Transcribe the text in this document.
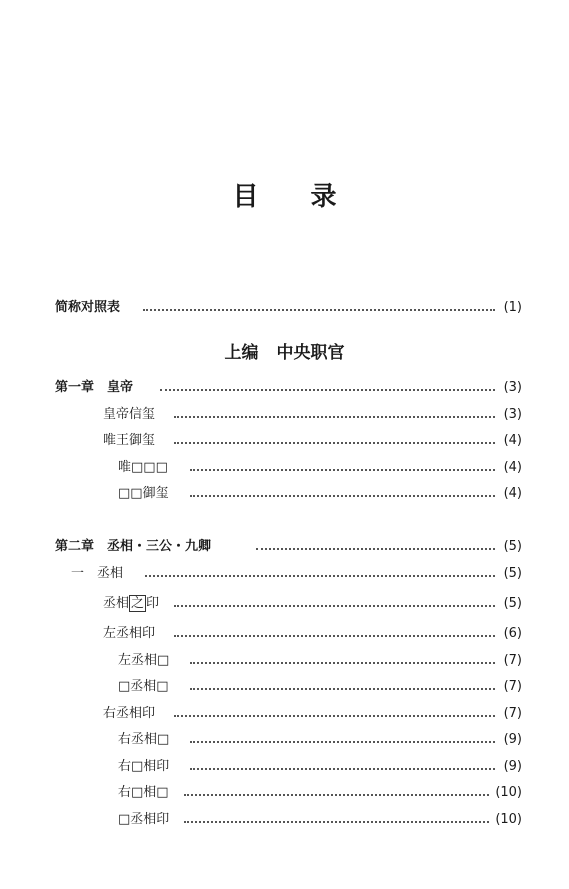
目 录
上编 中央职官
简称对照表	(1)
第一章　皇帝	(3)
皇帝信玺	(3)
唯王御玺	(4)
唯□□□	(4)
□□御玺	(4)
第二章　丞相・三公・九卿	(5)
一　丞相	(5)
丞相 之 印	(5)
左丞相印	(6)
左丞相□	(7)
□丞相□	(7)
右丞相印	(7)
右丞相□	(9)
右□相印	(9)
右□相□	(10)
□丞相印	(10)
